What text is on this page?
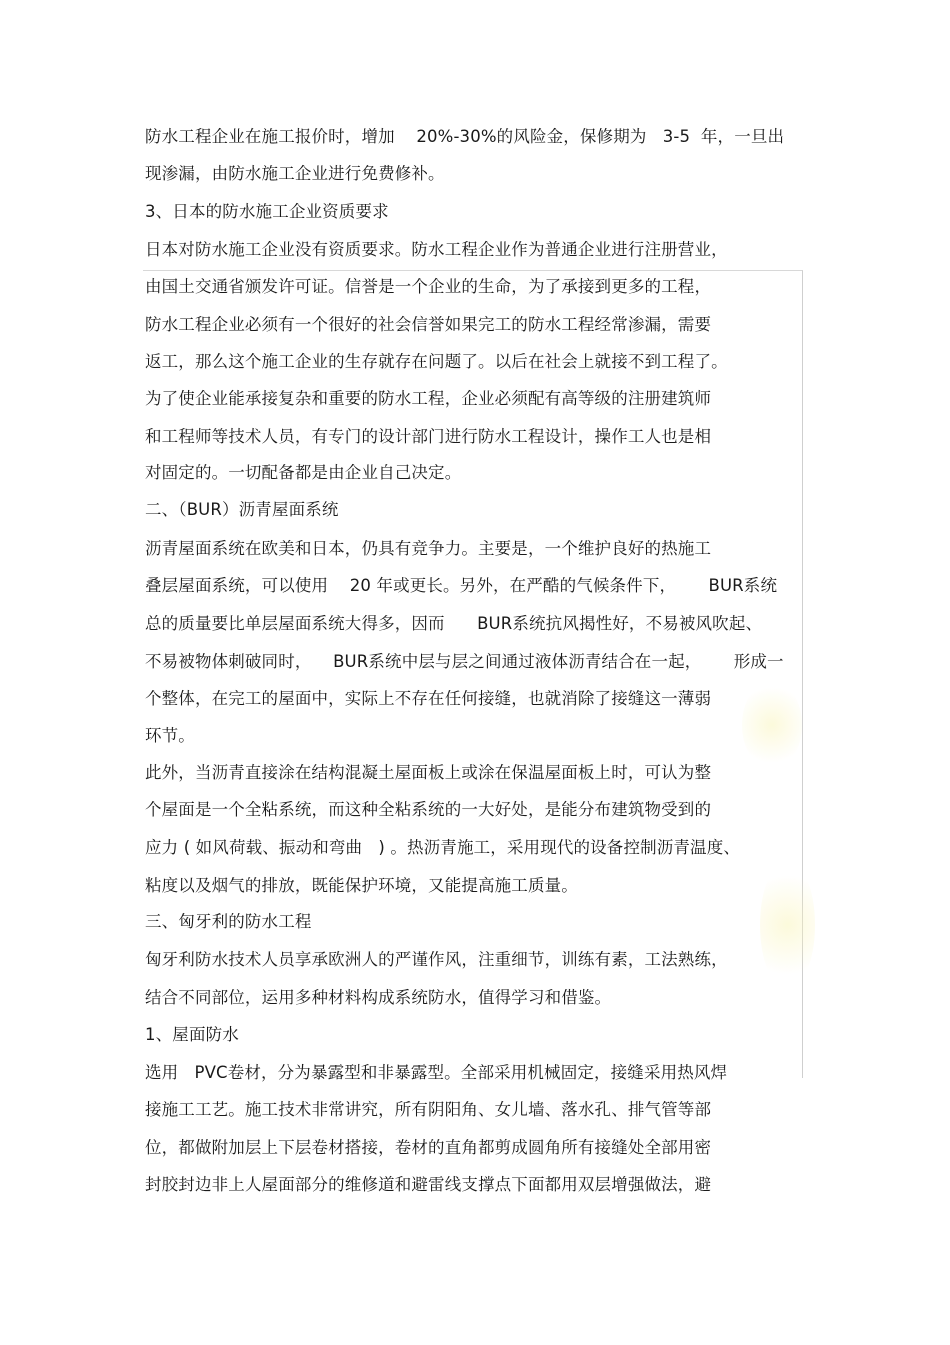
防水工程企业在施工报价时，增加    20%-30%的风险金，保修期为   3-5  年，一旦出
现渗漏，由防水施工企业进行免费修补。
3、日本的防水施工企业资质要求
日本对防水施工企业没有资质要求。防水工程企业作为普通企业进行注册营业，
由国土交通省颁发许可证。信誉是一个企业的生命，为了承接到更多的工程，
防水工程企业必须有一个很好的社会信誉如果完工的防水工程经常渗漏，需要
返工，那么这个施工企业的生存就存在问题了。以后在社会上就接不到工程了。
为了使企业能承接复杂和重要的防水工程，企业必须配有高等级的注册建筑师
和工程师等技术人员，有专门的设计部门进行防水工程设计，操作工人也是相
对固定的。一切配备都是由企业自己决定。
二、（BUR）沥青屋面系统
沥青屋面系统在欧美和日本，仍具有竞争力。主要是，一个维护良好的热施工
叠层屋面系统，可以使用    20 年或更长。另外，在严酷的气候条件下，      BUR系统
总的质量要比单层屋面系统大得多，因而      BUR系统抗风揭性好，不易被风吹起、
不易被物体刺破同时，    BUR系统中层与层之间通过液体沥青结合在一起，      形成一
个整体，在完工的屋面中，实际上不存在任何接缝，也就消除了接缝这一薄弱
环节。
此外，当沥青直接涂在结构混凝土屋面板上或涂在保温屋面板上时，可认为整
个屋面是一个全粘系统，而这种全粘系统的一大好处，是能分布建筑物受到的
应力 ( 如风荷载、振动和弯曲   ) 。热沥青施工，采用现代的设备控制沥青温度、
粘度以及烟气的排放，既能保护环境，又能提高施工质量。
三、匈牙利的防水工程
匈牙利防水技术人员享承欧洲人的严谨作风，注重细节，训练有素，工法熟练，
结合不同部位，运用多种材料构成系统防水，值得学习和借鉴。
1、屋面防水
选用   PVC卷材，分为暴露型和非暴露型。全部采用机械固定，接缝采用热风焊
接施工工艺。施工技术非常讲究，所有阴阳角、女儿墙、落水孔、排气管等部
位，都做附加层上下层卷材搭接，卷材的直角都剪成圆角所有接缝处全部用密
封胶封边非上人屋面部分的维修道和避雷线支撑点下面都用双层增强做法，避
